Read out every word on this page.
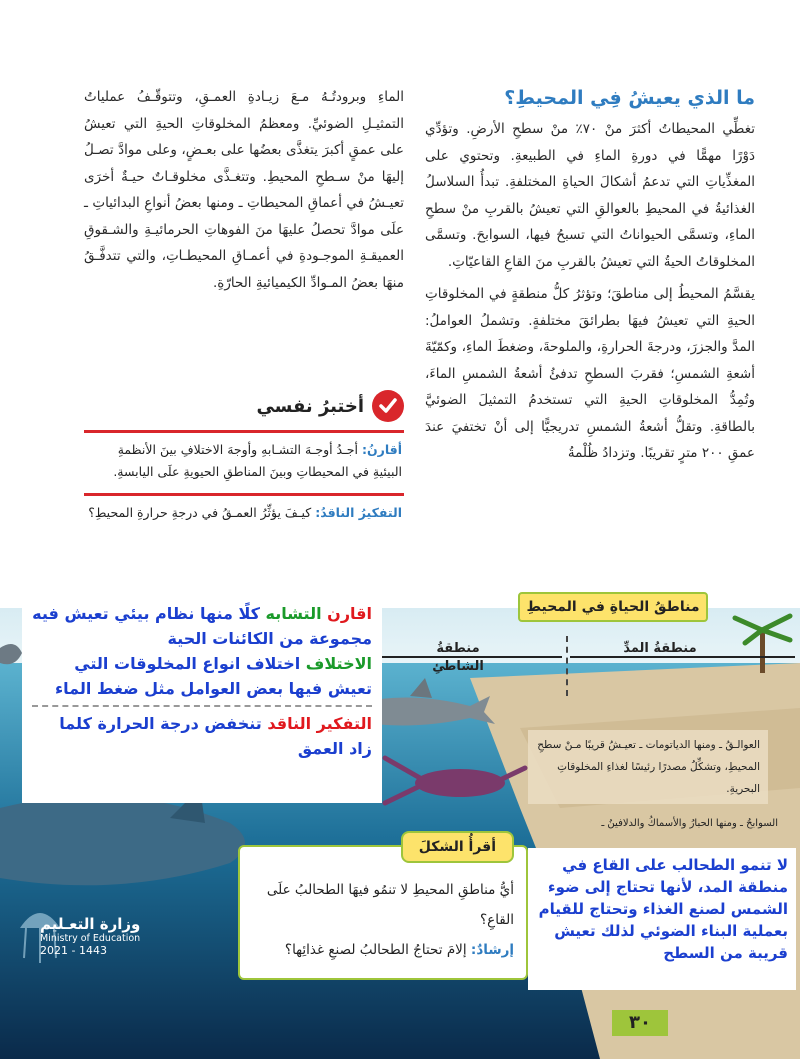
ما الذي يعيشُ فِي المحيطِ؟

تغطِّي المحيطاتُ أكثرَ منْ ٧٠٪ منْ سطحِ الأرضِ. وتؤدِّي دَوْرًا مهمًّا في دورةِ الماءِ في الطبيعةِ. وتحتوي على المغذِّياتِ التي تدعمُ أشكالَ الحياةِ المختلفةِ. تبدأُ السلاسلُ الغذائيةُ في المحيطِ بالعوالقِ التي تعيشُ بالقربِ منْ سطحِ الماءِ، وتسمَّى الحيواناتُ التي تسبحُ فيها، السوابحَ. وتسمَّى المخلوقاتُ الحيةُ التي تعيشُ بالقربِ منَ القاعِ القاعيّاتِ.

يقسَّمُ المحيطُ إلى مناطقَ؛ وتؤثرُ كلُّ منطقةٍ في المخلوقاتِ الحيةِ التي تعيشُ فيهَا بطرائقَ مختلفةٍ. وتشملُ العواملُ: المدَّ والجزرَ، ودرجةَ الحرارةِ، والملوحةَ، وضغطَ الماءِ، وكمّيّةَ أشعةِ الشمسِ؛ فقربَ السطحِ تدفئُ أشعةُ الشمسِ الماءَ، وتُمِدُّ المخلوقاتِ الحيةِ التي تستخدمُ التمثيلَ الضوئيَّ بالطاقةِ. وتقلُّ أشعةُ الشمسِ تدريجيًّا إلى أنْ تختفيَ عندَ عمقِ ٢٠٠ مترٍ تقريبًا. وتزدادُ ظُلْمةُ

الماءِ وبرودتُـهُ مـعَ زيـادةِ العمـقِ، وتتوقّـفُ عملياتُ التمثيـلِ الضوئيِّ. ومعظمُ المخلوقاتِ الحيةِ التي تعيشُ على عمقٍ أكبرَ يتغذَّى بعضُها على بعـضٍ، وعلى موادَّ تصـلُ إليهَا منْ سـطحِ المحيطِ. وتتغـذَّى مخلوقـاتٌ حيـةٌ أخرَى تعيـشُ في أعماقِ المحيطاتِ ـ ومنها بعضُ أنواعِ البدائياتِ ـ علَى موادَّ تحصلُ عليهَا منَ الفوهاتِ الحرمائيـةِ والشـقوقِ العميقـةِ الموجـودةِ في أعمـاقِ المحيطـاتِ، والتي تتدفَّـقُ منهَا بعضُ المـوادِّ الكيميائيةِ الحارّةِ.

أختبرُ نفسي
أقارنُ: أجـدُ أوجـهَ التشـابهِ وأوجهَ الاختلافِ بينَ الأنظمةِ البيئيةِ في المحيطاتِ وبينَ المناطقِ الحيويةِ علَى اليابسةِ.
التفكيرُ الناقدُ: كيـفَ يؤثِّرُ العمـقُ في درجةِ حرارةِ المحيطِ؟
مناطقُ الحياةِ في المحيطِ
منطقةُ الشاطئِ
منطقةُ المدِّ
العوالـقُ ـ ومنها الدياتومات ـ تعيـشُ قريبًا مـنْ سطحِ المحيطِ، وتشكِّلُ مصدرًا رئيسًا لغذاءِ المخلوقاتِ البحريةِ.
السوابحُ ـ ومنها الحبارُ والأسماكُ والدلافينُ ـ
اقارن التشابه كلًا منها نظام بيئي تعيش فيه
مجموعة من الكائنات الحية
الاختلاف اختلاف انواع المخلوقات التي
تعيش فيها بعض العوامل مثل ضغط الماء
التفكير الناقد تنخفض درجة الحرارة كلما
زاد العمق
أقرأُ الشكلَ
أيُّ مناطقِ المحيطِ لا تنمُو فيهَا الطحالبُ علَى القاعِ؟
إرشادٌ: إلامَ تحتاجُ الطحالبُ لصنعِ غذائِها؟
لا تنمو الطحالب على القاع في منطقة المد، لأنها تحتاج إلى ضوء الشمس لصنع الغذاء وتحتاج للقيام بعملية البناء الضوئي لذلك تعيش قريبة من السطح
وزارة التعـليم
Ministry of Education
2021 - 1443
٣٠
